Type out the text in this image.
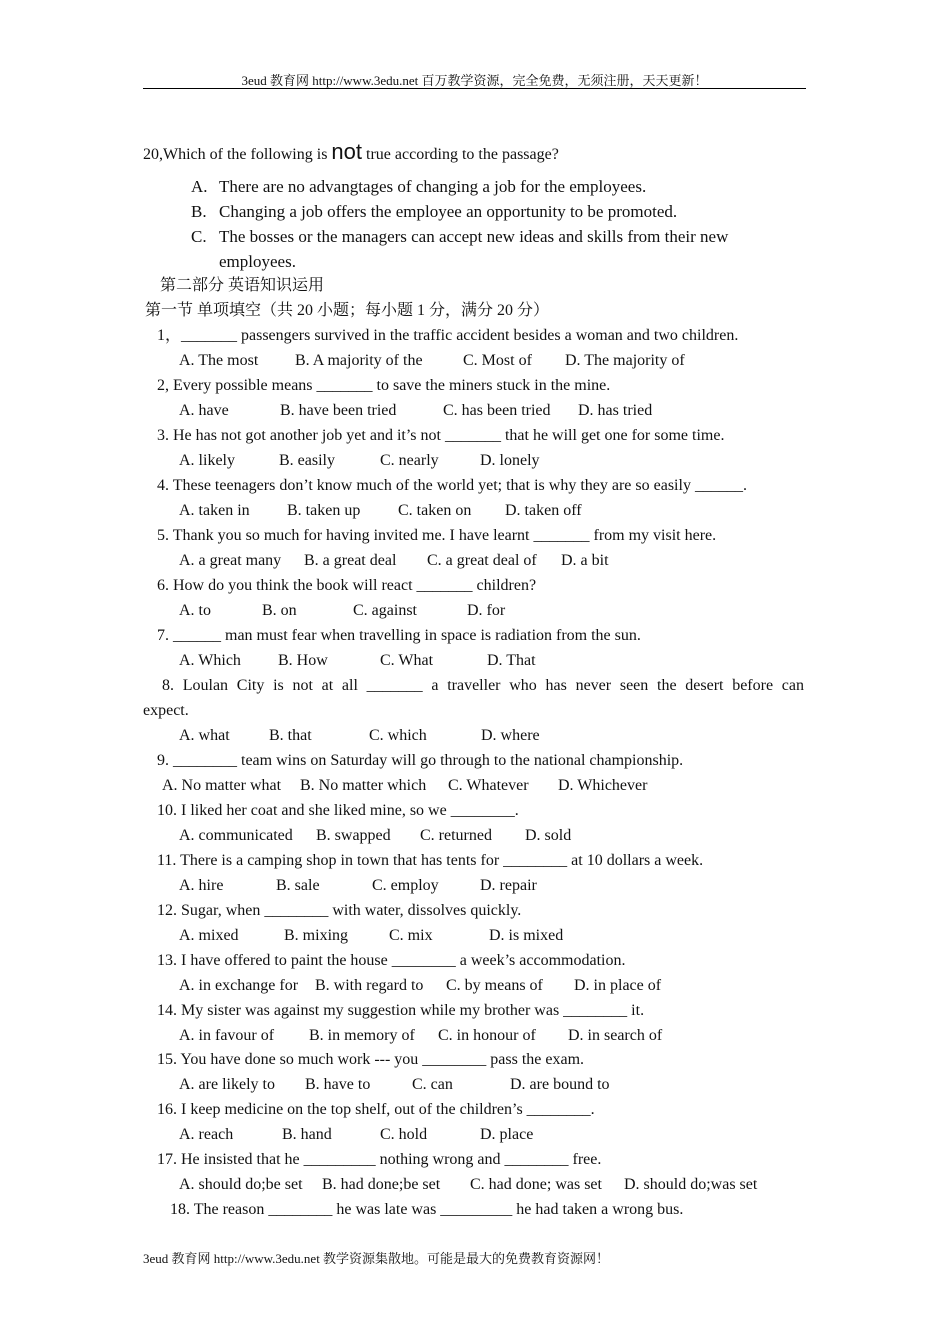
3eud 教育网 http://www.3edu.net 百万教学资源，完全免费，无须注册，天天更新！
20,Which of the following is not true according to the passage?
A. There are no advangtages of changing a job for the employees.
B. Changing a job offers the employee an opportunity to be promoted.
C. The bosses or the managers can accept new ideas and skills from their new
employees.
第二部分 英语知识运用
第一节 单项填空（共 20 小题；每小题 1 分，满分 20 分）
1，_______ passengers survived in the traffic accident besides a woman and two children.
A. The most B. A majority of the	C. Most of D. The majority of
2, Every possible means _______ to save the miners stuck in the mine.
A. have	B. have been tried	C. has been tried D. has tried
3. He has not got another job yet and it’s not _______ that he will get one for some time.
A. likely	B. easily	C. nearly	D. lonely
4. These teenagers don’t know much of the world yet; that is why they are so easily ______.
A. taken in B. taken up C. taken on D. taken off
5. Thank you so much for having invited me. I have learnt _______ from my visit here.
A. a great many B. a great deal C. a great deal of D. a bit
6. How do you think the book will react _______ children?
A. to	B. on	C. against	D. for
7. ______ man must fear when travelling in space is radiation from the sun.
A. Which B. How	C. What	D. That
8. Loulan City is not at all _______ a traveller who has never seen the desert before can
expect.
A. what B. that	C. which	D. where
9. ________ team wins on Saturday will go through to the national championship.
A. No matter what B. No matter which C. Whatever D. Whichever
10. I liked her coat and she liked mine, so we ________.
A. communicated B. swapped C. returned D. sold
11. There is a camping shop in town that has tents for ________ at 10 dollars a week.
A. hire	B. sale	C. employ	D. repair
12. Sugar, when ________ with water, dissolves quickly.
A. mixed	B. mixing	C. mix	D. is mixed
13. I have offered to paint the house ________ a week’s accommodation.
A. in exchange for B. with regard to C. by means of D. in place of
14. My sister was against my suggestion while my brother was ________ it.
A. in favour of B. in memory of C. in honour of D. in search of
15. You have done so much work --- you ________ pass the exam.
A. are likely to B. have to	C. can	D. are bound to
16. I keep medicine on the top shelf, out of the children’s ________.
A. reach	B. hand	C. hold	D. place
17. He insisted that he _________ nothing wrong and ________ free.
A. should do;be set B. had done;be set C. had done; was set D. should do;was set
18. The reason ________ he was late was _________ he had taken a wrong bus.
3eud 教育网 http://www.3edu.net 教学资源集散地。可能是最大的免费教育资源网！
